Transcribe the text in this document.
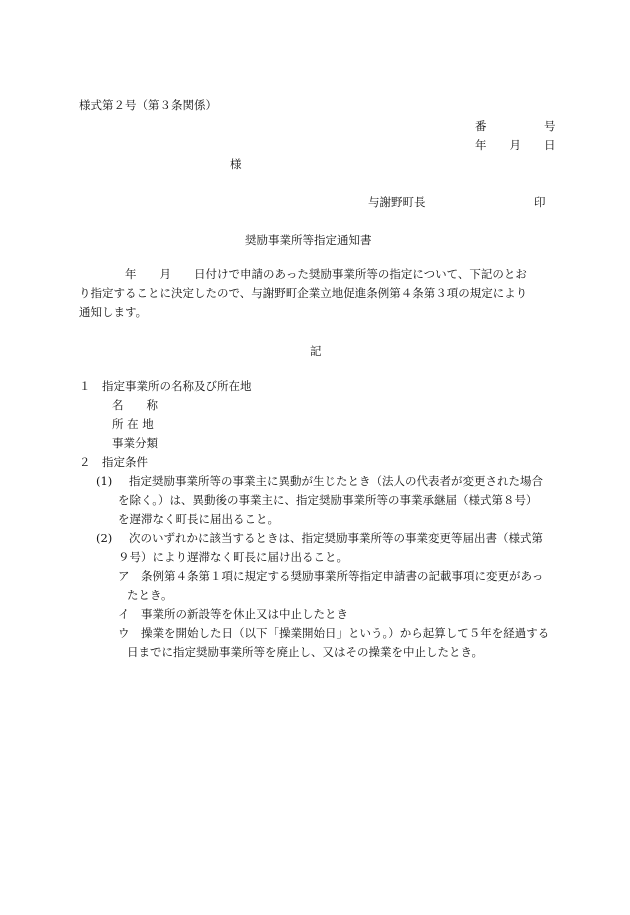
様式第２号（第３条関係）
番　　　　　号
年　　月　　日
様
与謝野町長	印
奨励事業所等指定通知書
年　　月　　日付けで申請のあった奨励事業所等の指定について、下記のとお
り指定することに決定したので、与謝野町企業立地促進条例第４条第３項の規定により
通知します。
記
１　指定事業所の名称及び所在地
名　　称
所 在 地
事業分類
２　指定条件
(1) 指定奨励事業所等の事業主に異動が生じたとき（法人の代表者が変更された場合
を除く。）は、異動後の事業主に、指定奨励事業所等の事業承継届（様式第８号）
を遅滞なく町長に届出ること。
(2) 次のいずれかに該当するときは、指定奨励事業所等の事業変更等届出書（様式第
９号）により遅滞なく町長に届け出ること。
ア　条例第４条第１項に規定する奨励事業所等指定申請書の記載事項に変更があっ
たとき。
イ　事業所の新設等を休止又は中止したとき
ウ　操業を開始した日（以下「操業開始日」という。）から起算して５年を経過する
日までに指定奨励事業所等を廃止し、又はその操業を中止したとき。
